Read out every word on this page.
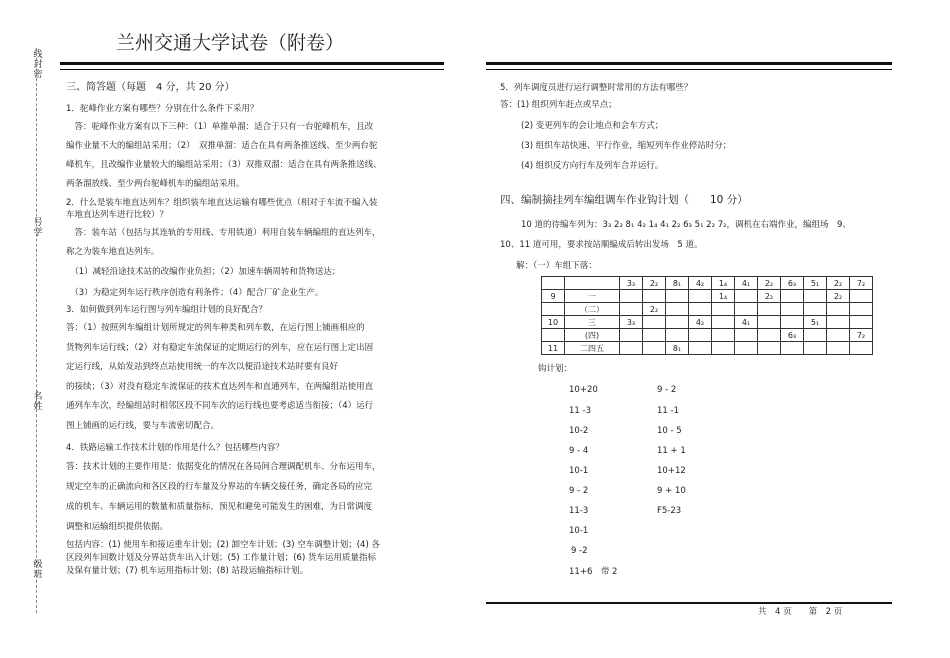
线封密
号学
名姓
级班
兰州交通大学试卷（附卷）
三、简答题（每题　4 分，共 20 分）
1．驼峰作业方案有哪些？分别在什么条件下采用？
　答：驼峰作业方案有以下三种：（1）单推单溜：适合于只有一台驼峰机车，且改
编作业量不大的编组站采用；（2）　双推单溜：适合在具有两条推送线、至少两台驼
峰机车，且改编作业量较大的编组站采用；（3）双推双溜：适合在具有两条推送线、
两条溜放线、至少两台驼峰机车的编组站采用。
2．什么是装车地直达列车？组织装车地直达运输有哪些优点（相对于车流不编入装
车地直达列车进行比较）？
　答：装车站（包括与其连轨的专用线、专用铁道）利用自装车辆编组的直达列车，
称之为装车地直达列车。
　（1）减轻沿途技术站的改编作业负担；（2）加速车辆周转和货物送达；
　（3）为稳定列车运行秩序创造有利条件；（4）配合厂矿企业生产。
3．如何做到列车运行图与列车编组计划的良好配合？
答：（1）按照列车编组计划所规定的列车种类和列车数，在运行图上铺画相应的
货物列车运行线；（2）对有稳定车流保证的定期运行的列车，应在运行图上定出固
定运行线，从始发站到终点站使用统一的车次以便沿途技术站时要有良好
的接续；（3）对没有稳定车流保证的技术直达列车和直通列车，在两编组站使用直
通列车车次，经编组站时相邻区段不同车次的运行线也要考虑适当衔接；（4）运行
图上铺画的运行线，要与车流密切配合。
4．铁路运输工作技术计划的作用是什么？包括哪些内容？
答：技术计划的主要作用是：依据变化的情况在各局间合理调配机车、分布运用车，
规定空车的正确流向和各区段的行车量及分界站的车辆交接任务，确定各局的应完
成的机车、车辆运用的数量和质量指标，预见和避免可能发生的困难，为日常调度
调整和运输组织提供依据。
包括内容：(1) 使用车和接运重车计划；(2) 卸空车计划；(3) 空车调整计划；(4) 各
区段列车回数计划及分界站货车出入计划；(5) 工作量计划；(6) 货车运用质量指标
及保有量计划；(7) 机车运用指标计划；(8) 站段运输指标计划。
5．列车调度员进行运行调整时常用的方法有哪些？
答：(1) 组织列车赶点或早点；
(2) 变更列车的会让地点和会车方式；
(3) 组织车站快速、平行作业，缩短列车作业停站时分；
(4) 组织反方向行车及列车合并运行。
四、编制摘挂列车编组调车作业钩计划（　　10 分）
10 道的待编车列为：3₃ 2₂ 8₁ 4₂ 1₄ 4₁ 2₂ 6₃ 5₁ 2₂ 7₂，调机在右端作业，编组场　9、
10、11 道可用，要求按站顺编成后转出发场　5 道。
解：（一）车组下落：
		3₃	2₂	8₁	4₂	1₄	4₁	2₂	6₃	5₁	2₂	7₂
9	一					1₄		2₂			2₂	
	（二）		2₂									
10	三	3₃			4₂		4₁			5₁		
	(四)								6₃			7₂
11	二四五			8₁								
钩计划：
10+20
11 -3
10-2
9 - 4
10-1
9 - 2
11-3
10-1
9 -2
11+6　带 2
9 - 2
11 -1
10 - 5
11 + 1
10+12
9 + 10
F5-23
共　4 页　　第　2 页
